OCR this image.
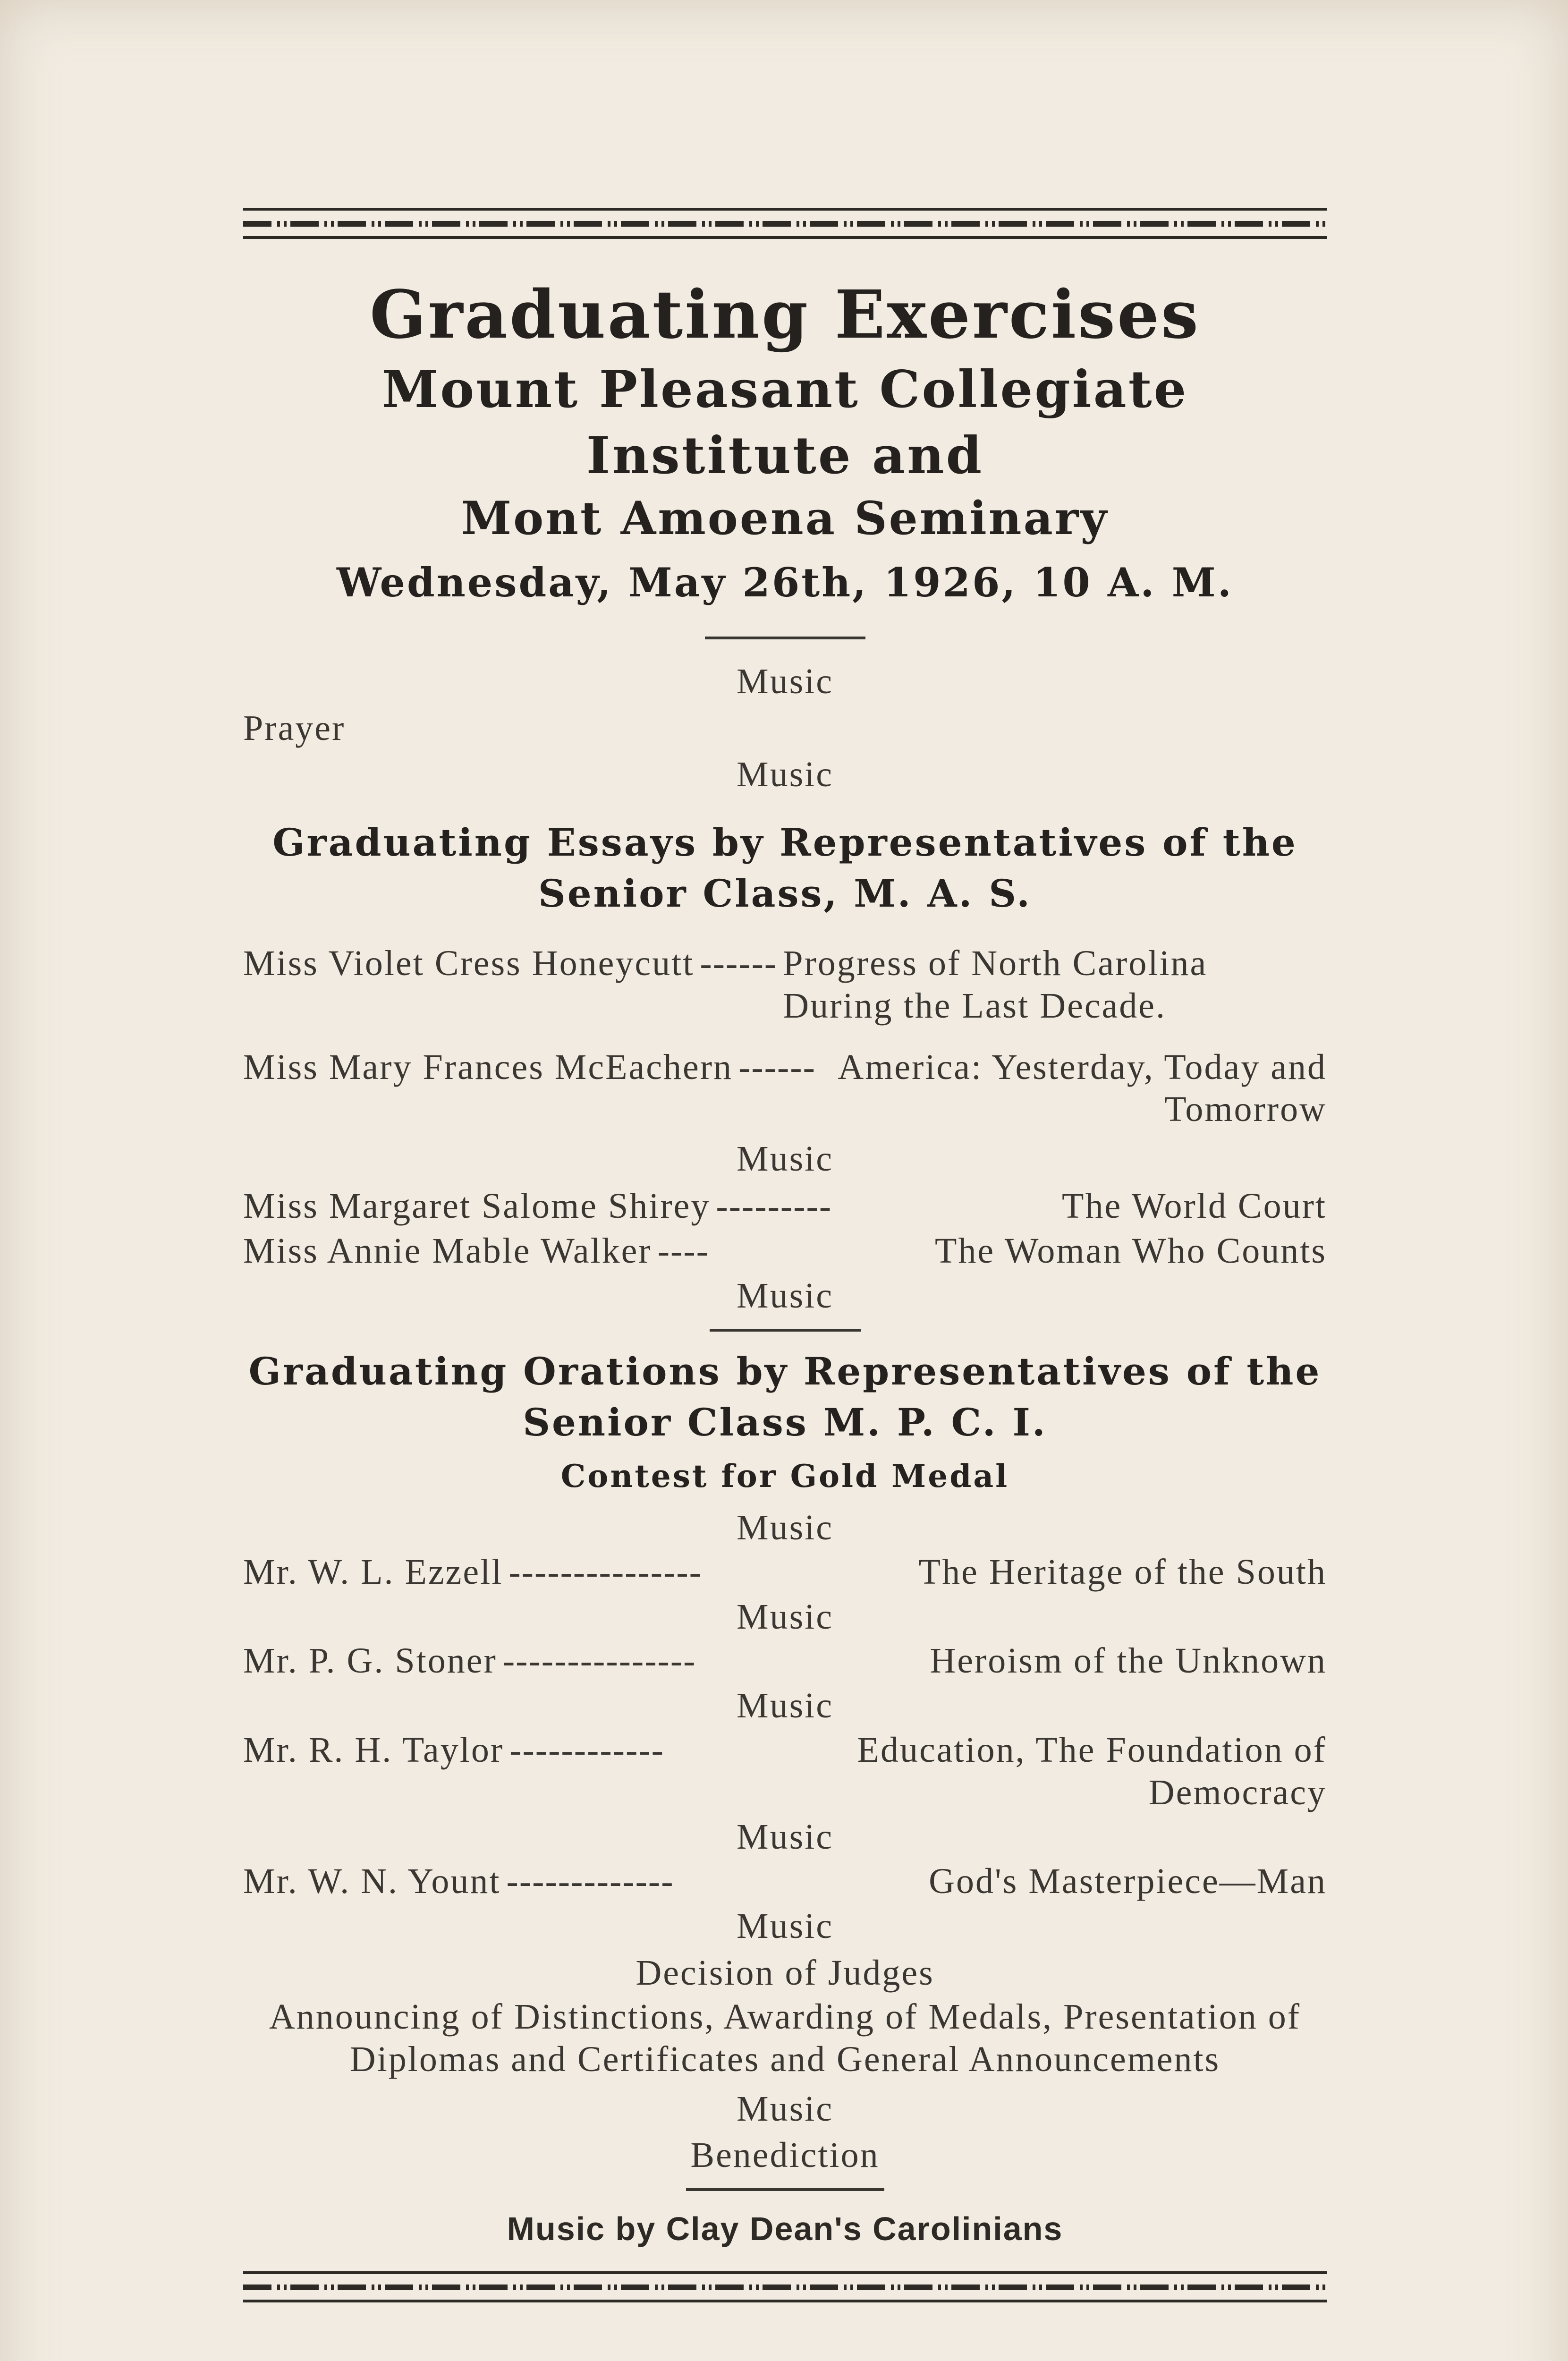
Graduating Exercises
Mount Pleasant Collegiate Institute and
Mont Amoena Seminary
Wednesday, May 26th, 1926, 10 A. M.
Music
Prayer
Music
Graduating Essays by Representatives of the
Senior Class, M. A. S.
Miss Violet Cress Honeycutt ------ Progress of North Carolina During the Last Decade.
Miss Mary Frances McEachern ------ America: Yesterday, Today and Tomorrow
Music
Miss Margaret Salome Shirey ---------	The World Court
Miss Annie Mable Walker ----	The Woman Who Counts
Music
Graduating Orations by Representatives of the
Senior Class M. P. C. I.
Contest for Gold Medal
Music
Mr. W. L. Ezzell ---------------	The Heritage of the South
Music
Mr. P. G. Stoner ---------------	Heroism of the Unknown
Music
Mr. R. H. Taylor ------------	Education, The Foundation of Democracy
Music
Mr. W. N. Yount -------------	God's Masterpiece—Man
Music
Decision of Judges
Announcing of Distinctions, Awarding of Medals, Presentation of Diplomas and Certificates and General Announcements
Music
Benediction
Music by Clay Dean's Carolinians
